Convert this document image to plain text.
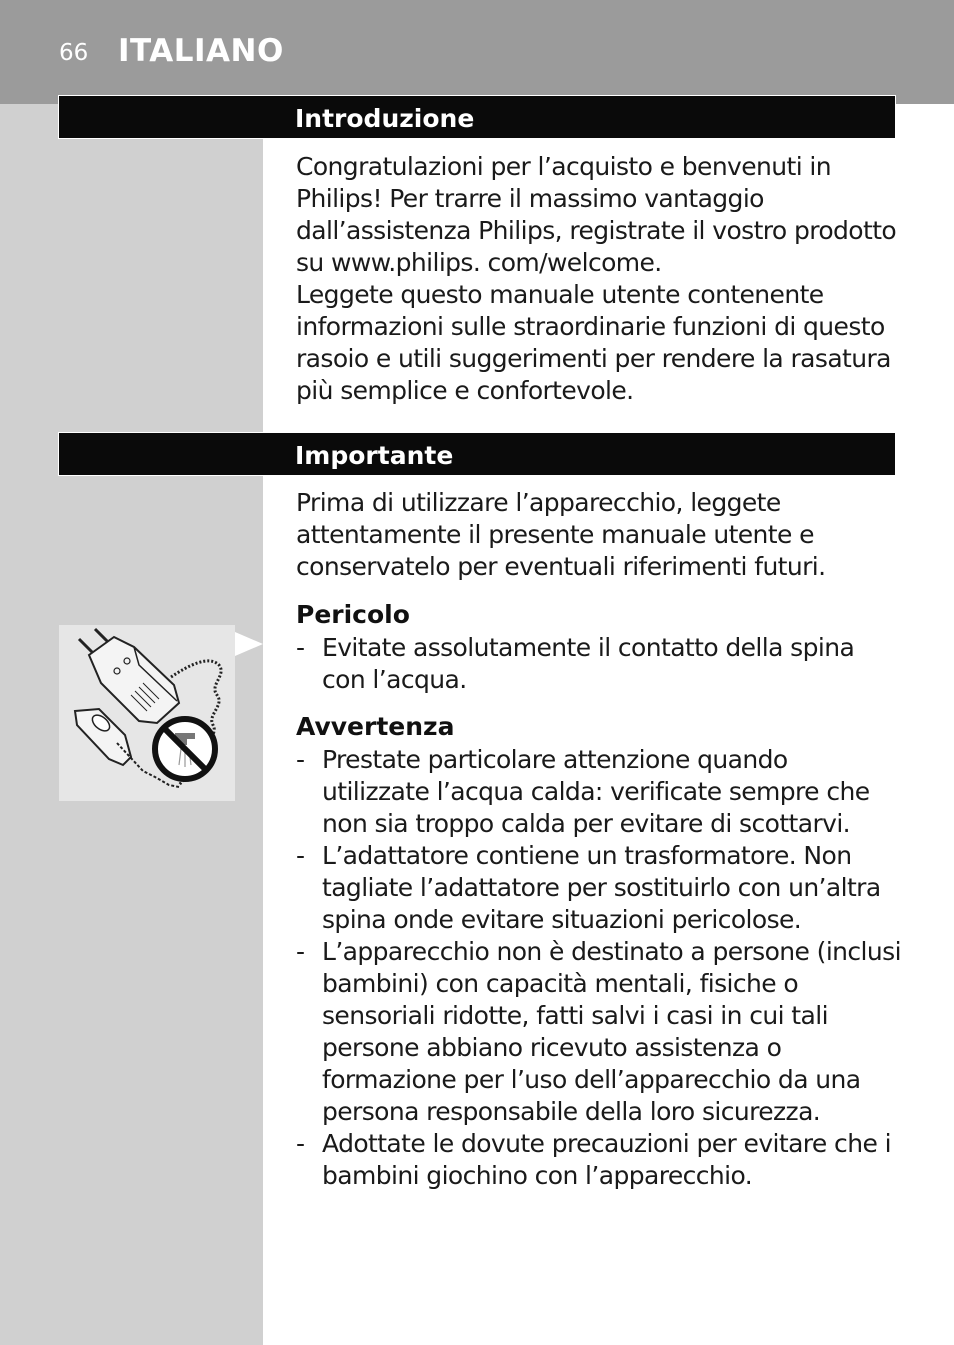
66 ITALIANO
Introduzione

Congratulazioni per l’acquisto e benvenuti in Philips! Per trarre il massimo vantaggio dall’assistenza Philips, registrate il vostro prodotto su www.philips. com/welcome.

Leggete questo manuale utente contenente informazioni sulle straordinarie funzioni di questo rasoio e utili suggerimenti per rendere la rasatura più semplice e confortevole.

Importante

Prima di utilizzare l’apparecchio, leggete attentamente il presente manuale utente e conservatelo per eventuali riferimenti futuri.

Pericolo
- Evitate assolutamente il contatto della spina con l’acqua.
Avvertenza
- Prestate particolare attenzione quando utilizzate l’acqua calda: verificate sempre che non sia troppo calda per evitare di scottarvi.
- L’adattatore contiene un trasformatore. Non tagliate l’adattatore per sostituirlo con un’altra spina onde evitare situazioni pericolose.
- L’apparecchio non è destinato a persone (inclusi bambini) con capacità mentali, fisiche o sensoriali ridotte, fatti salvi i casi in cui tali persone abbiano ricevuto assistenza o formazione per l’uso dell’apparecchio da una persona responsabile della loro sicurezza.
- Adottate le dovute precauzioni per evitare che i bambini giochino con l’apparecchio.
